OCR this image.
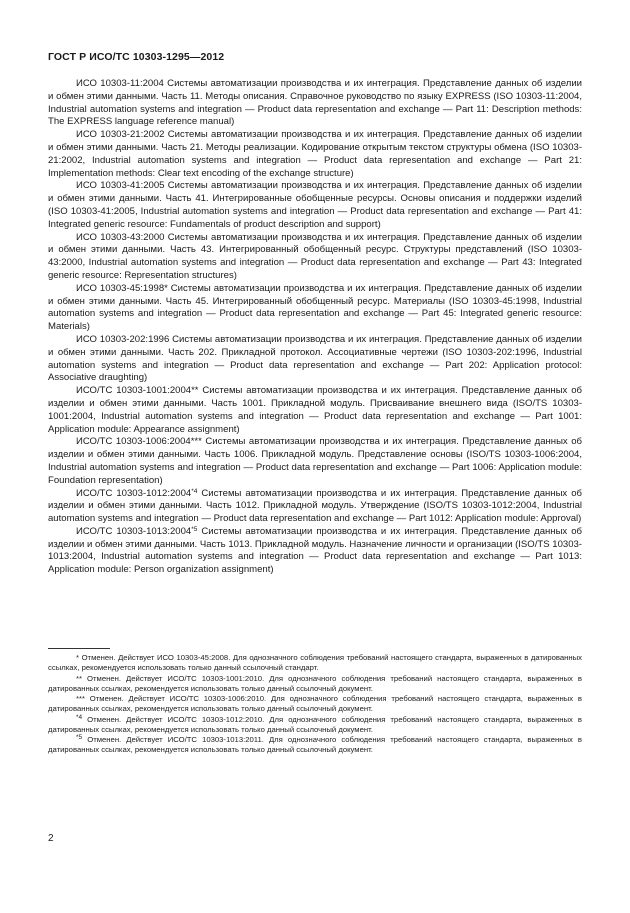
ГОСТ Р ИСО/ТС 10303-1295—2012

ИСО 10303-11:2004 Системы автоматизации производства и их интеграция. Представление данных об изделии и обмен этими данными. Часть 11. Методы описания. Справочное руководство по языку EXPRESS (ISO 10303-11:2004, Industrial automation systems and integration — Product data representation and exchange — Part 11: Description methods: The EXPRESS language reference manual)

ИСО 10303-21:2002 Системы автоматизации производства и их интеграция. Представление данных об изделии и обмен этими данными. Часть 21. Методы реализации. Кодирование открытым текстом структуры обмена (ISO 10303-21:2002, Industrial automation systems and integration — Product data representation and exchange — Part 21: Implementation methods: Clear text encoding of the exchange structure)

ИСО 10303-41:2005 Системы автоматизации производства и их интеграция. Представление данных об изделии и обмен этими данными. Часть 41. Интегрированные обобщенные ресурсы. Основы описания и поддержки изделий (ISO 10303-41:2005, Industrial automation systems and integration — Product data representation and exchange — Part 41: Integrated generic resource: Fundamentals of product description and support)

ИСО 10303-43:2000 Системы автоматизации производства и их интеграция. Представление данных об изделии и обмен этими данными. Часть 43. Интегрированный обобщенный ресурс. Структуры представлений (ISO 10303-43:2000, Industrial automation systems and integration — Product data representation and exchange — Part 43: Integrated generic resource: Representation structures)

ИСО 10303-45:1998* Системы автоматизации производства и их интеграция. Представление данных об изделии и обмен этими данными. Часть 45. Интегрированный обобщенный ресурс. Материалы (ISO 10303-45:1998, Industrial automation systems and integration — Product data representation and exchange — Part 45: Integrated generic resource: Materials)

ИСО 10303-202:1996 Системы автоматизации производства и их интеграция. Представление данных об изделии и обмен этими данными. Часть 202. Прикладной протокол. Ассоциативные чертежи (ISO 10303-202:1996, Industrial automation systems and integration — Product data representation and exchange — Part 202: Application protocol: Associative draughting)

ИСО/ТС 10303-1001:2004** Системы автоматизации производства и их интеграция. Представление данных об изделии и обмен этими данными. Часть 1001. Прикладной модуль. Присваивание внешнего вида (ISO/TS 10303-1001:2004, Industrial automation systems and integration — Product data representation and exchange — Part 1001: Application module: Appearance assignment)

ИСО/ТС 10303-1006:2004*** Системы автоматизации производства и их интеграция. Представление данных об изделии и обмен этими данными. Часть 1006. Прикладной модуль. Представление основы (ISO/TS 10303-1006:2004, Industrial automation systems and integration — Product data representation and exchange — Part 1006: Application module: Foundation representation)

ИСО/ТС 10303-1012:2004$^{*4}$ Системы автоматизации производства и их интеграция. Представление данных об изделии и обмен этими данными. Часть 1012. Прикладной модуль. Утверждение (ISO/TS 10303-1012:2004, Industrial automation systems and integration — Product data representation and exchange — Part 1012: Application module: Approval)

ИСО/ТС 10303-1013:2004$^{*5}$ Системы автоматизации производства и их интеграция. Представление данных об изделии и обмен этими данными. Часть 1013. Прикладной модуль. Назначение личности и организации (ISO/TS 10303-1013:2004, Industrial automation systems and integration — Product data representation and exchange — Part 1013: Application module: Person organization assignment)

* Отменен. Действует ИСО 10303-45:2008. Для однозначного соблюдения требований настоящего стандарта, выраженных в датированных ссылках, рекомендуется использовать только данный ссылочный стандарт.

** Отменен. Действует ИСО/ТС 10303-1001:2010. Для однозначного соблюдения требований настоящего стандарта, выраженных в датированных ссылках, рекомендуется использовать только данный ссылочный документ.

*** Отменен. Действует ИСО/ТС 10303-1006:2010. Для однозначного соблюдения требований настоящего стандарта, выраженных в датированных ссылках, рекомендуется использовать только данный ссылочный документ.

$^{*4}$ Отменен. Действует ИСО/ТС 10303-1012:2010. Для однозначного соблюдения требований настоящего стандарта, выраженных в датированных ссылках, рекомендуется использовать только данный ссылочный документ.

$^{*5}$ Отменен. Действует ИСО/ТС 10303-1013:2011. Для однозначного соблюдения требований настоящего стандарта, выраженных в датированных ссылках, рекомендуется использовать только данный ссылочный документ.

2
